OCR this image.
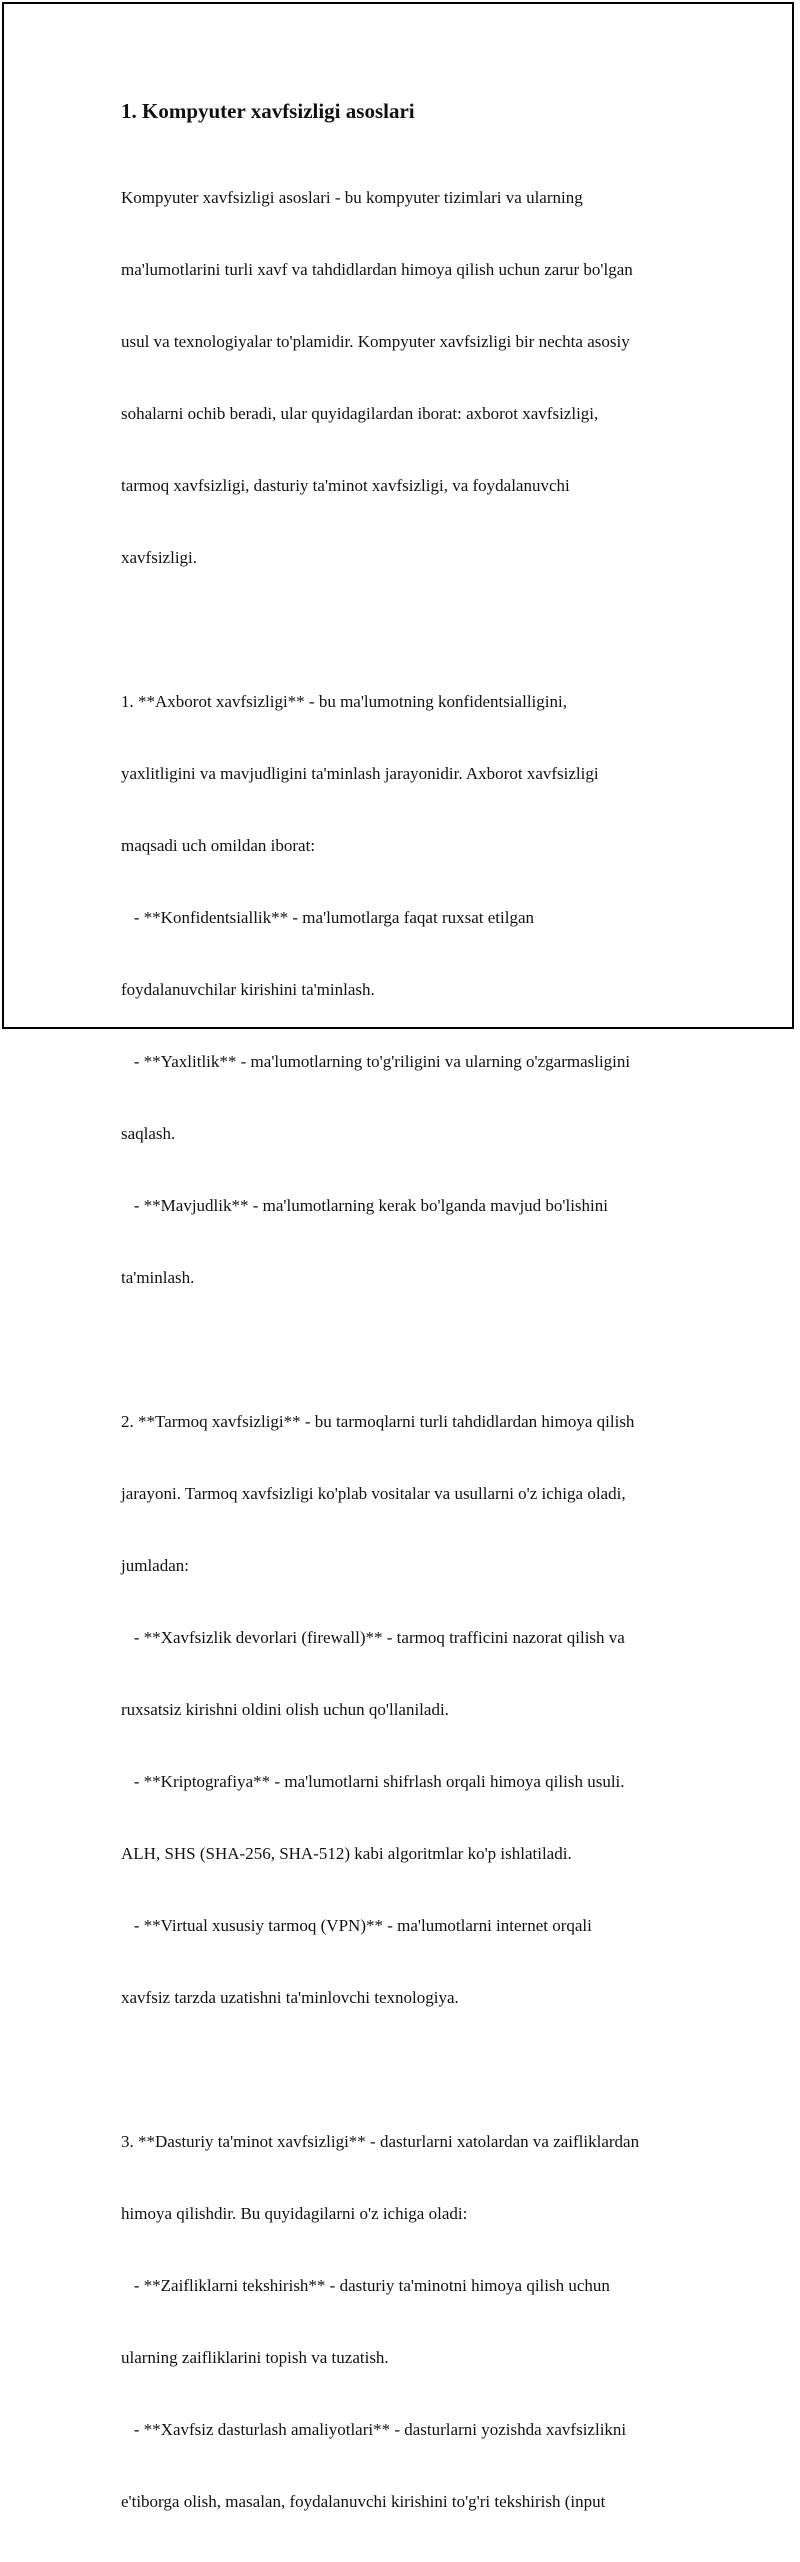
1. Kompyuter xavfsizligi asoslari

Kompyuter xavfsizligi asoslari - bu kompyuter tizimlari va ularning

ma'lumotlarini turli xavf va tahdidlardan himoya qilish uchun zarur bo'lgan

usul va texnologiyalar to'plamidir. Kompyuter xavfsizligi bir nechta asosiy

sohalarni ochib beradi, ular quyidagilardan iborat: axborot xavfsizligi,

tarmoq xavfsizligi, dasturiy ta'minot xavfsizligi, va foydalanuvchi

xavfsizligi.

1. **Axborot xavfsizligi** - bu ma'lumotning konfidentsialligini,

yaxlitligini va mavjudligini ta'minlash jarayonidir. Axborot xavfsizligi

maqsadi uch omildan iborat:

- **Konfidentsiallik** - ma'lumotlarga faqat ruxsat etilgan

foydalanuvchilar kirishini ta'minlash.

- **Yaxlitlik** - ma'lumotlarning to'g'riligini va ularning o'zgarmasligini

saqlash.

- **Mavjudlik** - ma'lumotlarning kerak bo'lganda mavjud bo'lishini

ta'minlash.

2. **Tarmoq xavfsizligi** - bu tarmoqlarni turli tahdidlardan himoya qilish

jarayoni. Tarmoq xavfsizligi ko'plab vositalar va usullarni o'z ichiga oladi,

jumladan:

- **Xavfsizlik devorlari (firewall)** - tarmoq trafficini nazorat qilish va

ruxsatsiz kirishni oldini olish uchun qo'llaniladi.

- **Kriptografiya** - ma'lumotlarni shifrlash orqali himoya qilish usuli.

ALH, SHS (SHA-256, SHA-512) kabi algoritmlar ko'p ishlatiladi.

- **Virtual xususiy tarmoq (VPN)** - ma'lumotlarni internet orqali

xavfsiz tarzda uzatishni ta'minlovchi texnologiya.

3. **Dasturiy ta'minot xavfsizligi** - dasturlarni xatolardan va zaifliklardan

himoya qilishdir. Bu quyidagilarni o'z ichiga oladi:

- **Zaifliklarni tekshirish** - dasturiy ta'minotni himoya qilish uchun

ularning zaifliklarini topish va tuzatish.

- **Xavfsiz dasturlash amaliyotlari** - dasturlarni yozishda xavfsizlikni

e'tiborga olish, masalan, foydalanuvchi kirishini to'g'ri tekshirish (input
